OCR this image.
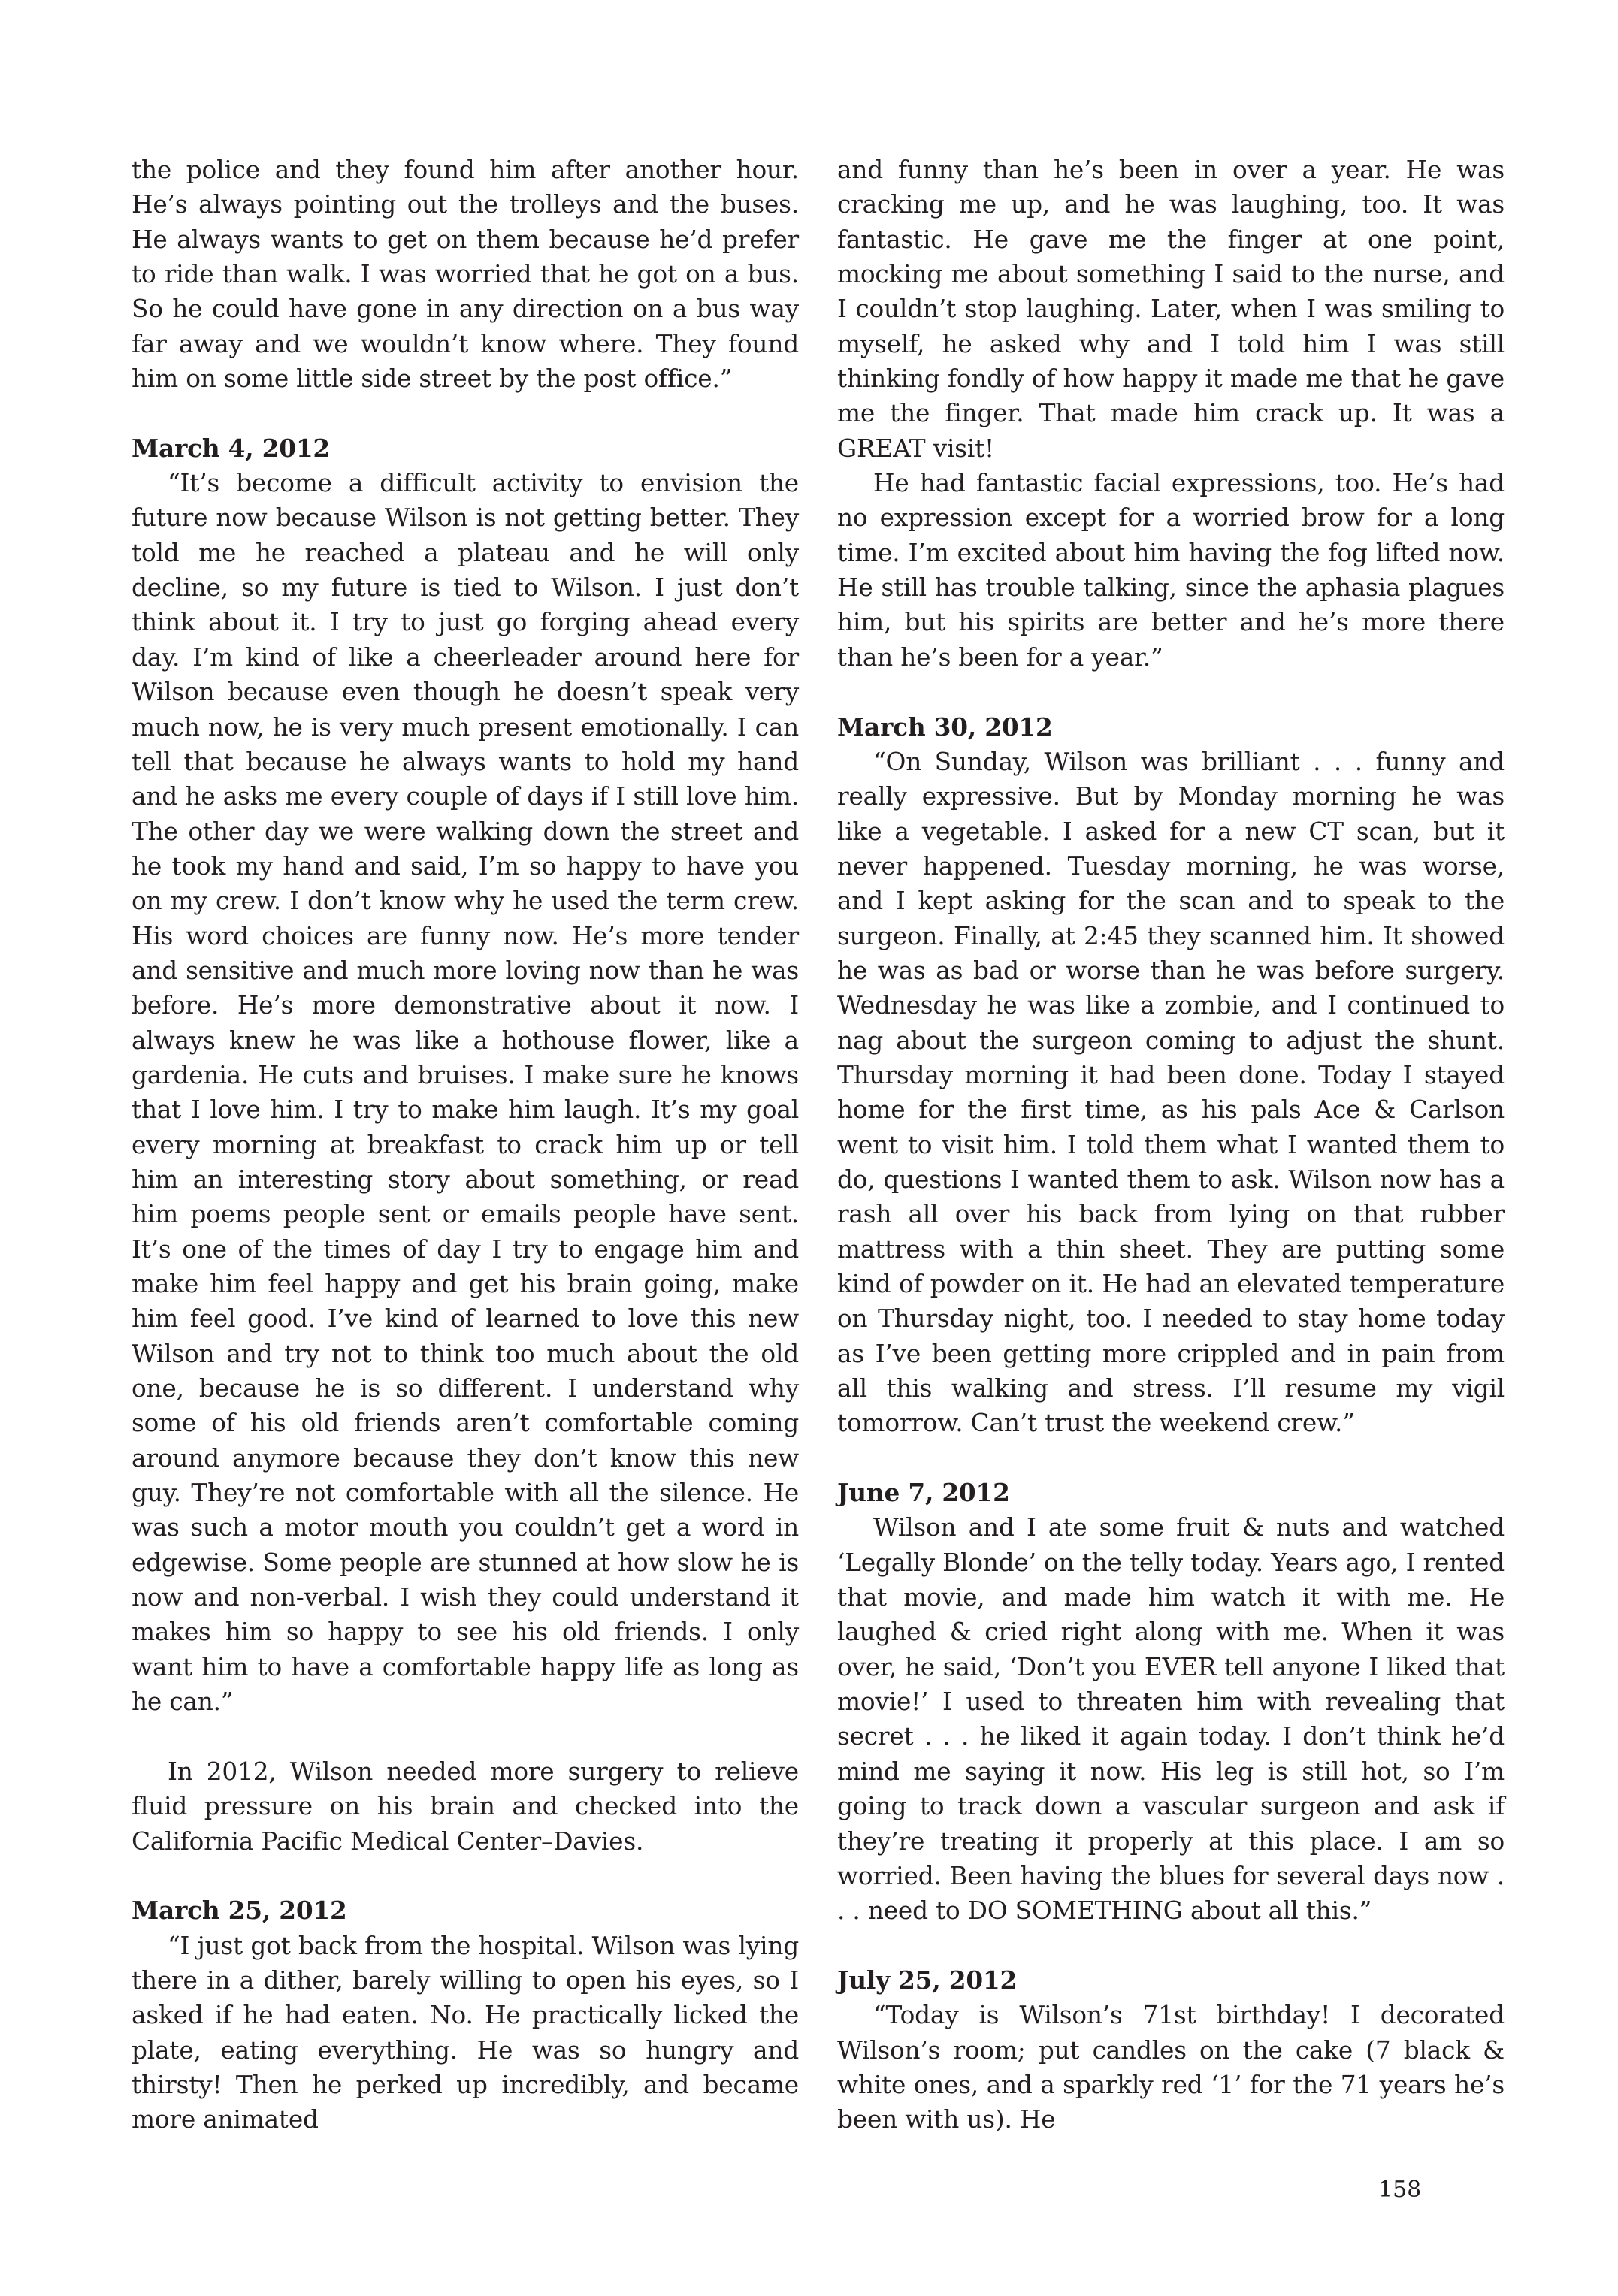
the police and they found him after another hour. He’s always pointing out the trolleys and the buses. He always wants to get on them because he’d prefer to ride than walk. I was worried that he got on a bus. So he could have gone in any direction on a bus way far away and we wouldn’t know where. They found him on some little side street by the post office.”

March 4, 2012

“It’s become a difficult activity to envision the future now because Wilson is not getting better. They told me he reached a plateau and he will only decline, so my future is tied to Wilson. I just don’t think about it. I try to just go forging ahead every day. I’m kind of like a cheerleader around here for Wilson because even though he doesn’t speak very much now, he is very much present emotionally. I can tell that because he always wants to hold my hand and he asks me every couple of days if I still love him. The other day we were walking down the street and he took my hand and said, I’m so happy to have you on my crew. I don’t know why he used the term crew. His word choices are funny now. He’s more tender and sensitive and much more loving now than he was before. He’s more demonstrative about it now. I always knew he was like a hothouse flower, like a gardenia. He cuts and bruises. I make sure he knows that I love him. I try to make him laugh. It’s my goal every morning at breakfast to crack him up or tell him an interesting story about something, or read him poems people sent or emails people have sent. It’s one of the times of day I try to engage him and make him feel happy and get his brain going, make him feel good. I’ve kind of learned to love this new Wilson and try not to think too much about the old one, because he is so different. I understand why some of his old friends aren’t comfortable coming around anymore because they don’t know this new guy. They’re not comfortable with all the silence. He was such a motor mouth you couldn’t get a word in edgewise. Some people are stunned at how slow he is now and non-verbal. I wish they could understand it makes him so happy to see his old friends. I only want him to have a comfortable happy life as long as he can.”

In 2012, Wilson needed more surgery to relieve fluid pressure on his brain and checked into the California Pacific Medical Center–Davies.

March 25, 2012

“I just got back from the hospital. Wilson was lying there in a dither, barely willing to open his eyes, so I asked if he had eaten. No. He practically licked the plate, eating everything. He was so hungry and thirsty! Then he perked up incredibly, and became more animated

and funny than he’s been in over a year. He was cracking me up, and he was laughing, too. It was fantastic. He gave me the finger at one point, mocking me about something I said to the nurse, and I couldn’t stop laughing. Later, when I was smiling to myself, he asked why and I told him I was still thinking fondly of how happy it made me that he gave me the finger. That made him crack up. It was a GREAT visit!

He had fantastic facial expressions, too. He’s had no expression except for a worried brow for a long time. I’m excited about him having the fog lifted now. He still has trouble talking, since the aphasia plagues him, but his spirits are better and he’s more there than he’s been for a year.”

March 30, 2012

“On Sunday, Wilson was brilliant . . . funny and really expressive. But by Monday morning he was like a vegetable. I asked for a new CT scan, but it never happened. Tuesday morning, he was worse, and I kept asking for the scan and to speak to the surgeon. Finally, at 2:45 they scanned him. It showed he was as bad or worse than he was before surgery. Wednesday he was like a zombie, and I continued to nag about the surgeon coming to adjust the shunt. Thursday morning it had been done. Today I stayed home for the first time, as his pals Ace & Carlson went to visit him. I told them what I wanted them to do, questions I wanted them to ask. Wilson now has a rash all over his back from lying on that rubber mattress with a thin sheet. They are putting some kind of powder on it. He had an elevated temperature on Thursday night, too. I needed to stay home today as I’ve been getting more crippled and in pain from all this walking and stress. I’ll resume my vigil tomorrow. Can’t trust the weekend crew.”

June 7, 2012

Wilson and I ate some fruit & nuts and watched ‘Legally Blonde’ on the telly today. Years ago, I rented that movie, and made him watch it with me. He laughed & cried right along with me. When it was over, he said, ‘Don’t you EVER tell anyone I liked that movie!’ I used to threaten him with revealing that secret . . . he liked it again today. I don’t think he’d mind me saying it now. His leg is still hot, so I’m going to track down a vascular surgeon and ask if they’re treating it properly at this place. I am so worried. Been having the blues for several days now . . . need to DO SOMETHING about all this.”

July 25, 2012

“Today is Wilson’s 71st birthday! I decorated Wilson’s room; put candles on the cake (7 black & white ones, and a sparkly red ‘1’ for the 71 years he’s been with us). He

158
